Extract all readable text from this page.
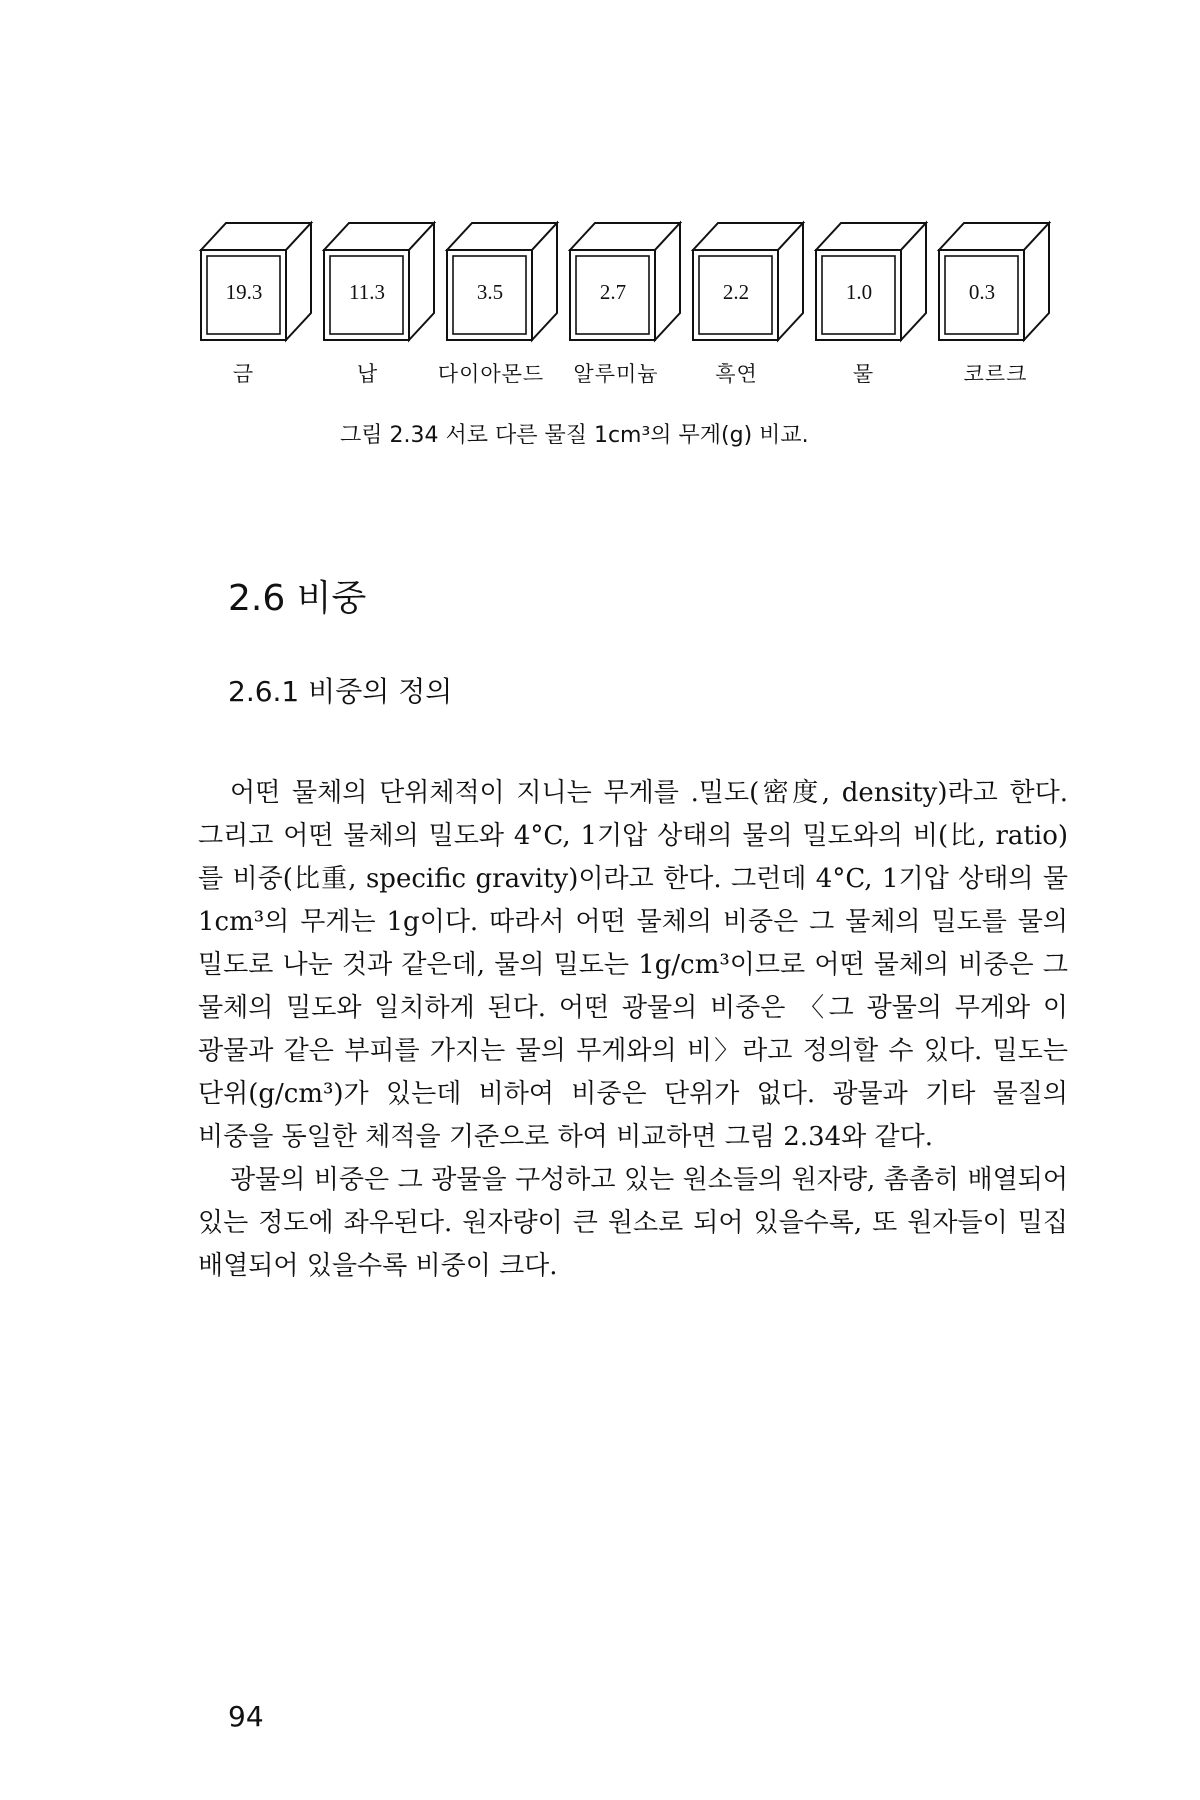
19.3
금
11.3
납
3.5
다이아몬드
2.7
알루미늄
2.2
흑연
1.0
물
0.3
코르크
그림 2.34 서로 다른 물질 1cm³의 무게(g) 비교.
2.6 비중
2.6.1 비중의 정의

어떤 물체의 단위체적이 지니는 무게를 .밀도(密度, density)라고 한다. 그리고 어떤 물체의 밀도와 4°C, 1기압 상태의 물의 밀도와의 비(比, ratio)를 비중(比重, specific gravity)이라고 한다. 그런데 4°C, 1기압 상태의 물 1cm³의 무게는 1g이다. 따라서 어떤 물체의 비중은 그 물체의 밀도를 물의 밀도로 나눈 것과 같은데, 물의 밀도는 1g/cm³이므로 어떤 물체의 비중은 그 물체의 밀도와 일치하게 된다. 어떤 광물의 비중은 〈그 광물의 무게와 이 광물과 같은 부피를 가지는 물의 무게와의 비〉라고 정의할 수 있다. 밀도는 단위(g/cm³)가 있는데 비하여 비중은 단위가 없다. 광물과 기타 물질의 비중을 동일한 체적을 기준으로 하여 비교하면 그림 2.34와 같다.

광물의 비중은 그 광물을 구성하고 있는 원소들의 원자량, 촘촘히 배열되어 있는 정도에 좌우된다. 원자량이 큰 원소로 되어 있을수록, 또 원자들이 밀집 배열되어 있을수록 비중이 크다.

94
